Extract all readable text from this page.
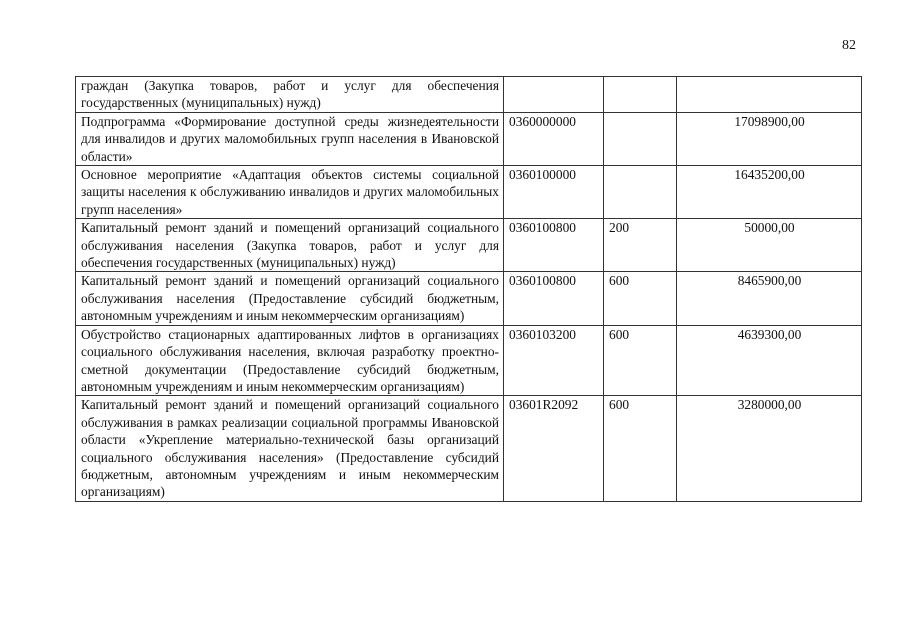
82
граждан (Закупка товаров, работ и услуг для обеспечения государственных (муниципальных) нужд)			
Подпрограмма «Формирование доступной среды жизнедеятельности для инвалидов и других маломобильных групп населения в Ивановской области»	0360000000		17098900,00
Основное мероприятие «Адаптация объектов системы социальной защиты населения к обслуживанию инвалидов и других маломобильных групп населения»	0360100000		16435200,00
Капитальный ремонт зданий и помещений организаций социального обслуживания населения (Закупка товаров, работ и услуг для обеспечения государственных (муниципальных) нужд)	0360100800	200	50000,00
Капитальный ремонт зданий и помещений организаций социального обслуживания населения (Предоставление субсидий бюджетным, автономным учреждениям и иным некоммерческим организациям)	0360100800	600	8465900,00
Обустройство стационарных адаптированных лифтов в организациях социального обслуживания населения, включая разработку проектно-сметной документации (Предоставление субсидий бюджетным, автономным учреждениям и иным некоммерческим организациям)	0360103200	600	4639300,00
Капитальный ремонт зданий и помещений организаций социального обслуживания в рамках реализации социальной программы Ивановской области «Укрепление материально-технической базы организаций социального обслуживания населения» (Предоставление субсидий бюджетным, автономным учреждениям и иным некоммерческим организациям)	03601R2092	600	3280000,00
